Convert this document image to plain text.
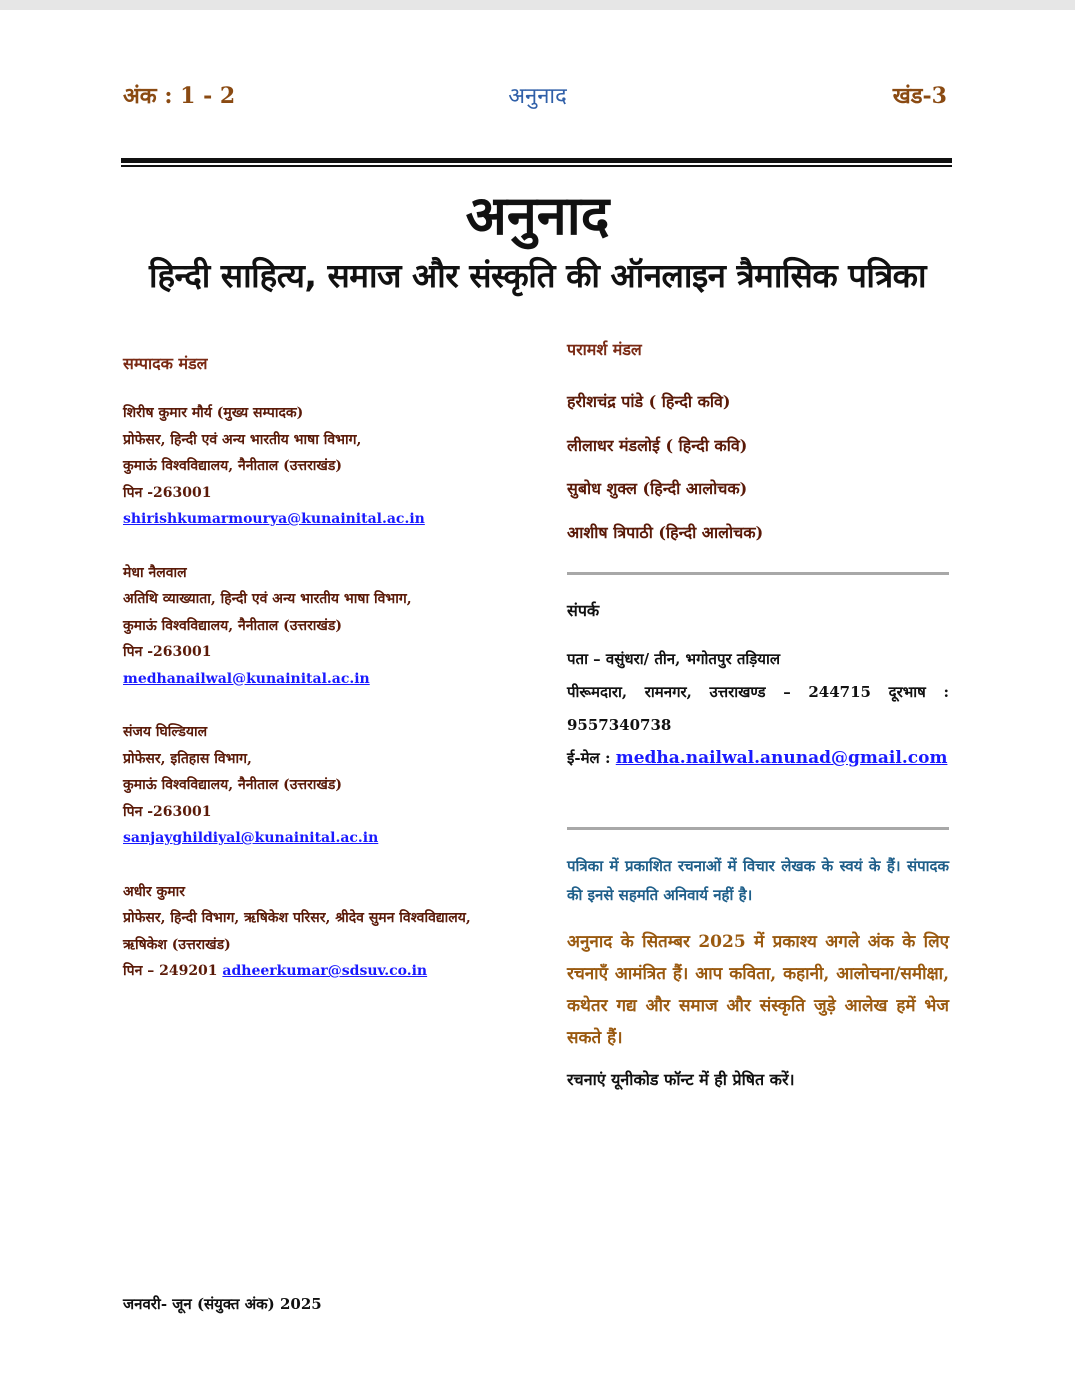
अंक : 1 - 2	अनुनाद	खंड-3
अनुनाद
हिन्दी साहित्य, समाज और संस्कृति की ऑनलाइन त्रैमासिक पत्रिका
सम्पादक मंडल
शिरीष कुमार मौर्य (मुख्य सम्पादक)
प्रोफेसर, हिन्दी एवं अन्य भारतीय भाषा विभाग,
कुमाऊं विश्वविद्यालय, नैनीताल (उत्तराखंड)
पिन -263001
shirishkumarmourya@kunainital.ac.in
मेधा नैलवाल
अतिथि व्याख्याता, हिन्दी एवं अन्य भारतीय भाषा विभाग,
कुमाऊं विश्वविद्यालय, नैनीताल (उत्तराखंड)
पिन -263001
medhanailwal@kunainital.ac.in
संजय घिल्डियाल
प्रोफेसर, इतिहास विभाग,
कुमाऊं विश्वविद्यालय, नैनीताल (उत्तराखंड)
पिन -263001
sanjayghildiyal@kunainital.ac.in
अधीर कुमार
प्रोफेसर, हिन्दी विभाग, ऋषिकेश परिसर, श्रीदेव सुमन विश्वविद्यालय,
ऋषिकेश (उत्तराखंड)
पिन – 249201 adheerkumar@sdsuv.co.in
परामर्श मंडल
हरीशचंद्र पांडे ( हिन्दी कवि)
लीलाधर मंडलोई ( हिन्दी कवि)
सुबोध शुक्ल (हिन्दी आलोचक)
आशीष त्रिपाठी (हिन्दी आलोचक)
संपर्क
पता – वसुंधरा/ तीन, भगोतपुर तड़ियाल
पीरूमदारा, रामनगर, उत्तराखण्ड – 244715 दूरभाष :
9557340738
ई-मेल : medha.nailwal.anunad@gmail.com
पत्रिका में प्रकाशित रचनाओं में विचार लेखक के स्वयं के हैं। संपादक की इनसे सहमति अनिवार्य नहीं है।
अनुनाद के सितम्बर 2025 में प्रकाश्य अगले अंक के लिए रचनाएँ आमंत्रित हैं। आप कविता, कहानी, आलोचना/समीक्षा, कथेतर गद्य और समाज और संस्कृति जुड़े आलेख हमें भेज सकते हैं।
रचनाएं यूनीकोड फॉन्ट में ही प्रेषित करें।
जनवरी- जून (संयुक्त अंक) 2025
